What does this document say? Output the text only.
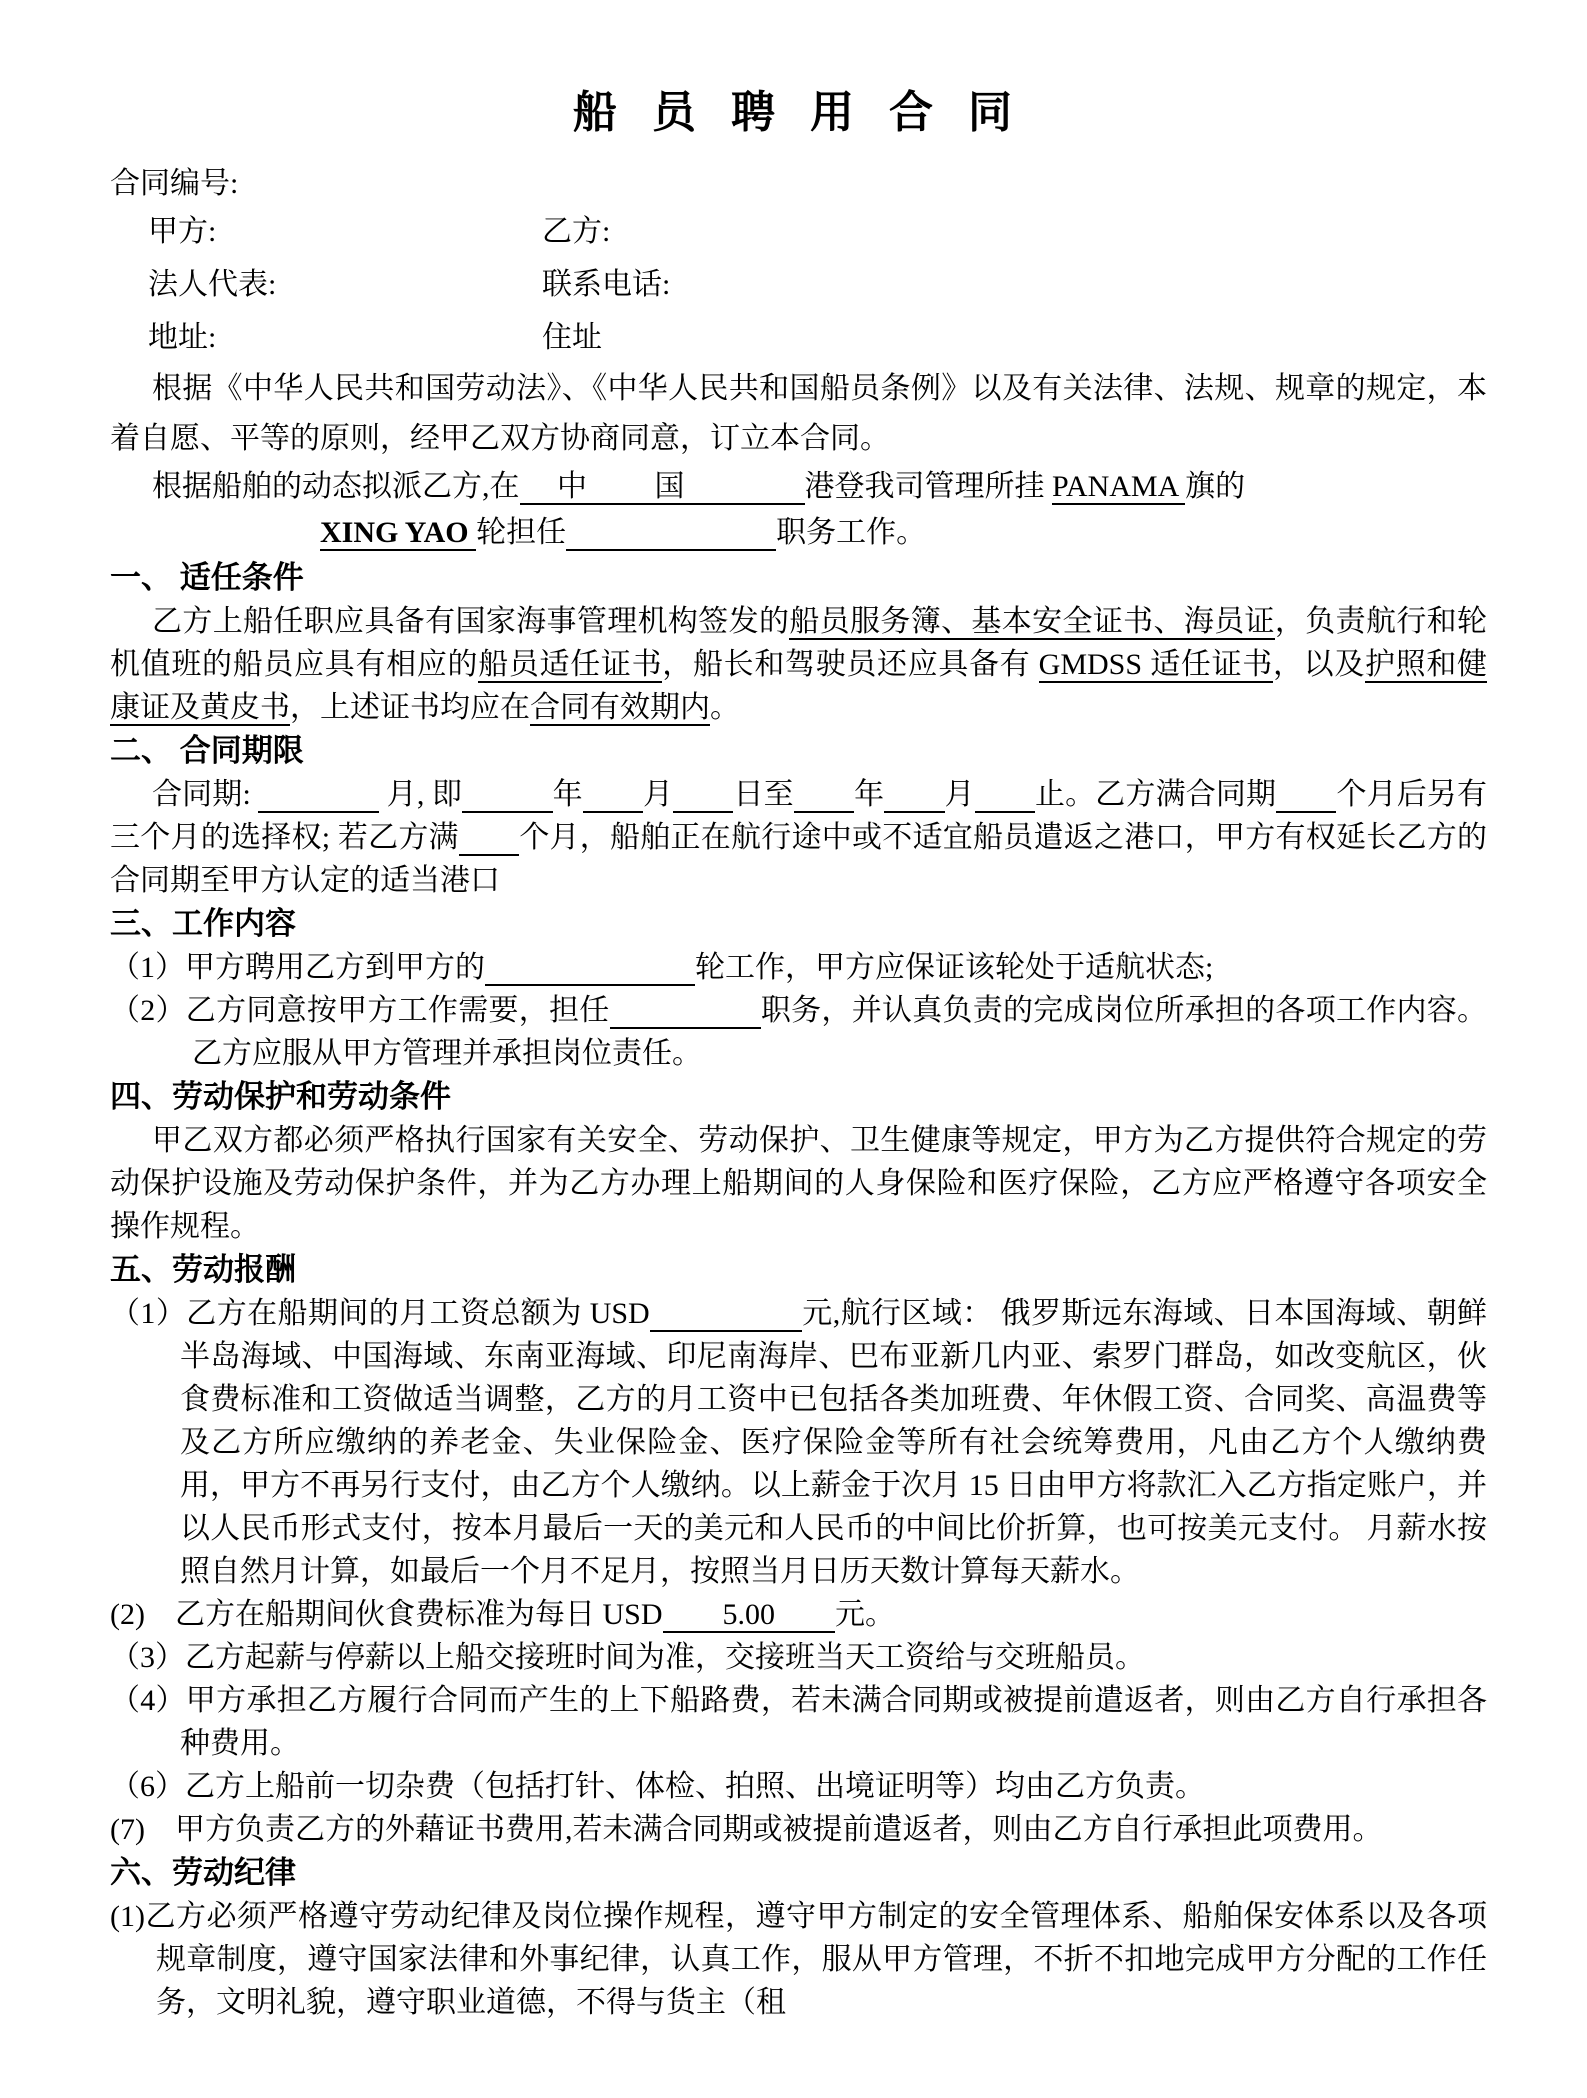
船 员 聘 用 合 同
合同编号:
甲方:	乙方:
法人代表:	联系电话:
地址:	住址

根据《中华人民共和国劳动法》、《中华人民共和国船员条例》以及有关法律、法规、规章的规定，本着自愿、平等的原则，经甲乙双方协商同意，订立本合同。

根据船舶的动态拟派乙方,在　 中　　 国　　　　港登我司管理所挂 PANAMA 旗的

XING YAO 轮担任　　　　　　　	职务工作。

一、 适任条件

乙方上船任职应具备有国家海事管理机构签发的船员服务簿、基本安全证书、海员证，负责航行和轮机值班的船员应具有相应的船员适任证书，船长和驾驶员还应具备有 GMDSS 适任证书，以及护照和健康证及黄皮书，上述证书均应在合同有效期内。

二、 合同期限

合同期: 　　　　	月, 即　　　	年　　 月　　 日至　　 年　　 月　　 止。乙方满合同期　　 个月后另有三个月的选择权; 若乙方满　　 个月，船舶正在航行途中或不适宜船员遣返之港口，甲方有权延长乙方的合同期至甲方认定的适当港口

三、工作内容

（1）甲方聘用乙方到甲方的　　　　　　　	轮工作，甲方应保证该轮处于适航状态;

（2）乙方同意按甲方工作需要，担任　　　　　	职务，并认真负责的完成岗位所承担的各项工作内容。乙方应服从甲方管理并承担岗位责任。

四、劳动保护和劳动条件

甲乙双方都必须严格执行国家有关安全、劳动保护、卫生健康等规定，甲方为乙方提供符合规定的劳动保护设施及劳动保护条件，并为乙方办理上船期间的人身保险和医疗保险，乙方应严格遵守各项安全操作规程。

五、劳动报酬

（1）乙方在船期间的月工资总额为 USD　　　　　	元,航行区域： 俄罗斯远东海域、日本国海域、朝鲜半岛海域、中国海域、东南亚海域、印尼南海岸、巴布亚新几内亚、索罗门群岛，如改变航区，伙食费标准和工资做适当调整，乙方的月工资中已包括各类加班费、年休假工资、合同奖、高温费等及乙方所应缴纳的养老金、失业保险金、医疗保险金等所有社会统筹费用，凡由乙方个人缴纳费用，甲方不再另行支付，由乙方个人缴纳。以上薪金于次月 15 日由甲方将款汇入乙方指定账户，并以人民币形式支付，按本月最后一天的美元和人民币的中间比价折算，也可按美元支付。 月薪水按照自然月计算，如最后一个月不足月，按照当月日历天数计算每天薪水。

(2)　乙方在船期间伙食费标准为每日 USD　　5.00　　元。

（3）乙方起薪与停薪以上船交接班时间为准，交接班当天工资给与交班船员。

（4）甲方承担乙方履行合同而产生的上下船路费，若未满合同期或被提前遣返者，则由乙方自行承担各种费用。

（6）乙方上船前一切杂费（包括打针、体检、拍照、出境证明等）均由乙方负责。

(7)　甲方负责乙方的外藉证书费用,若未满合同期或被提前遣返者，则由乙方自行承担此项费用。

六、劳动纪律

(1)乙方必须严格遵守劳动纪律及岗位操作规程，遵守甲方制定的安全管理体系、船舶保安体系以及各项规章制度，遵守国家法律和外事纪律，认真工作，服从甲方管理，不折不扣地完成甲方分配的工作任务，文明礼貌，遵守职业道德，不得与货主（租
